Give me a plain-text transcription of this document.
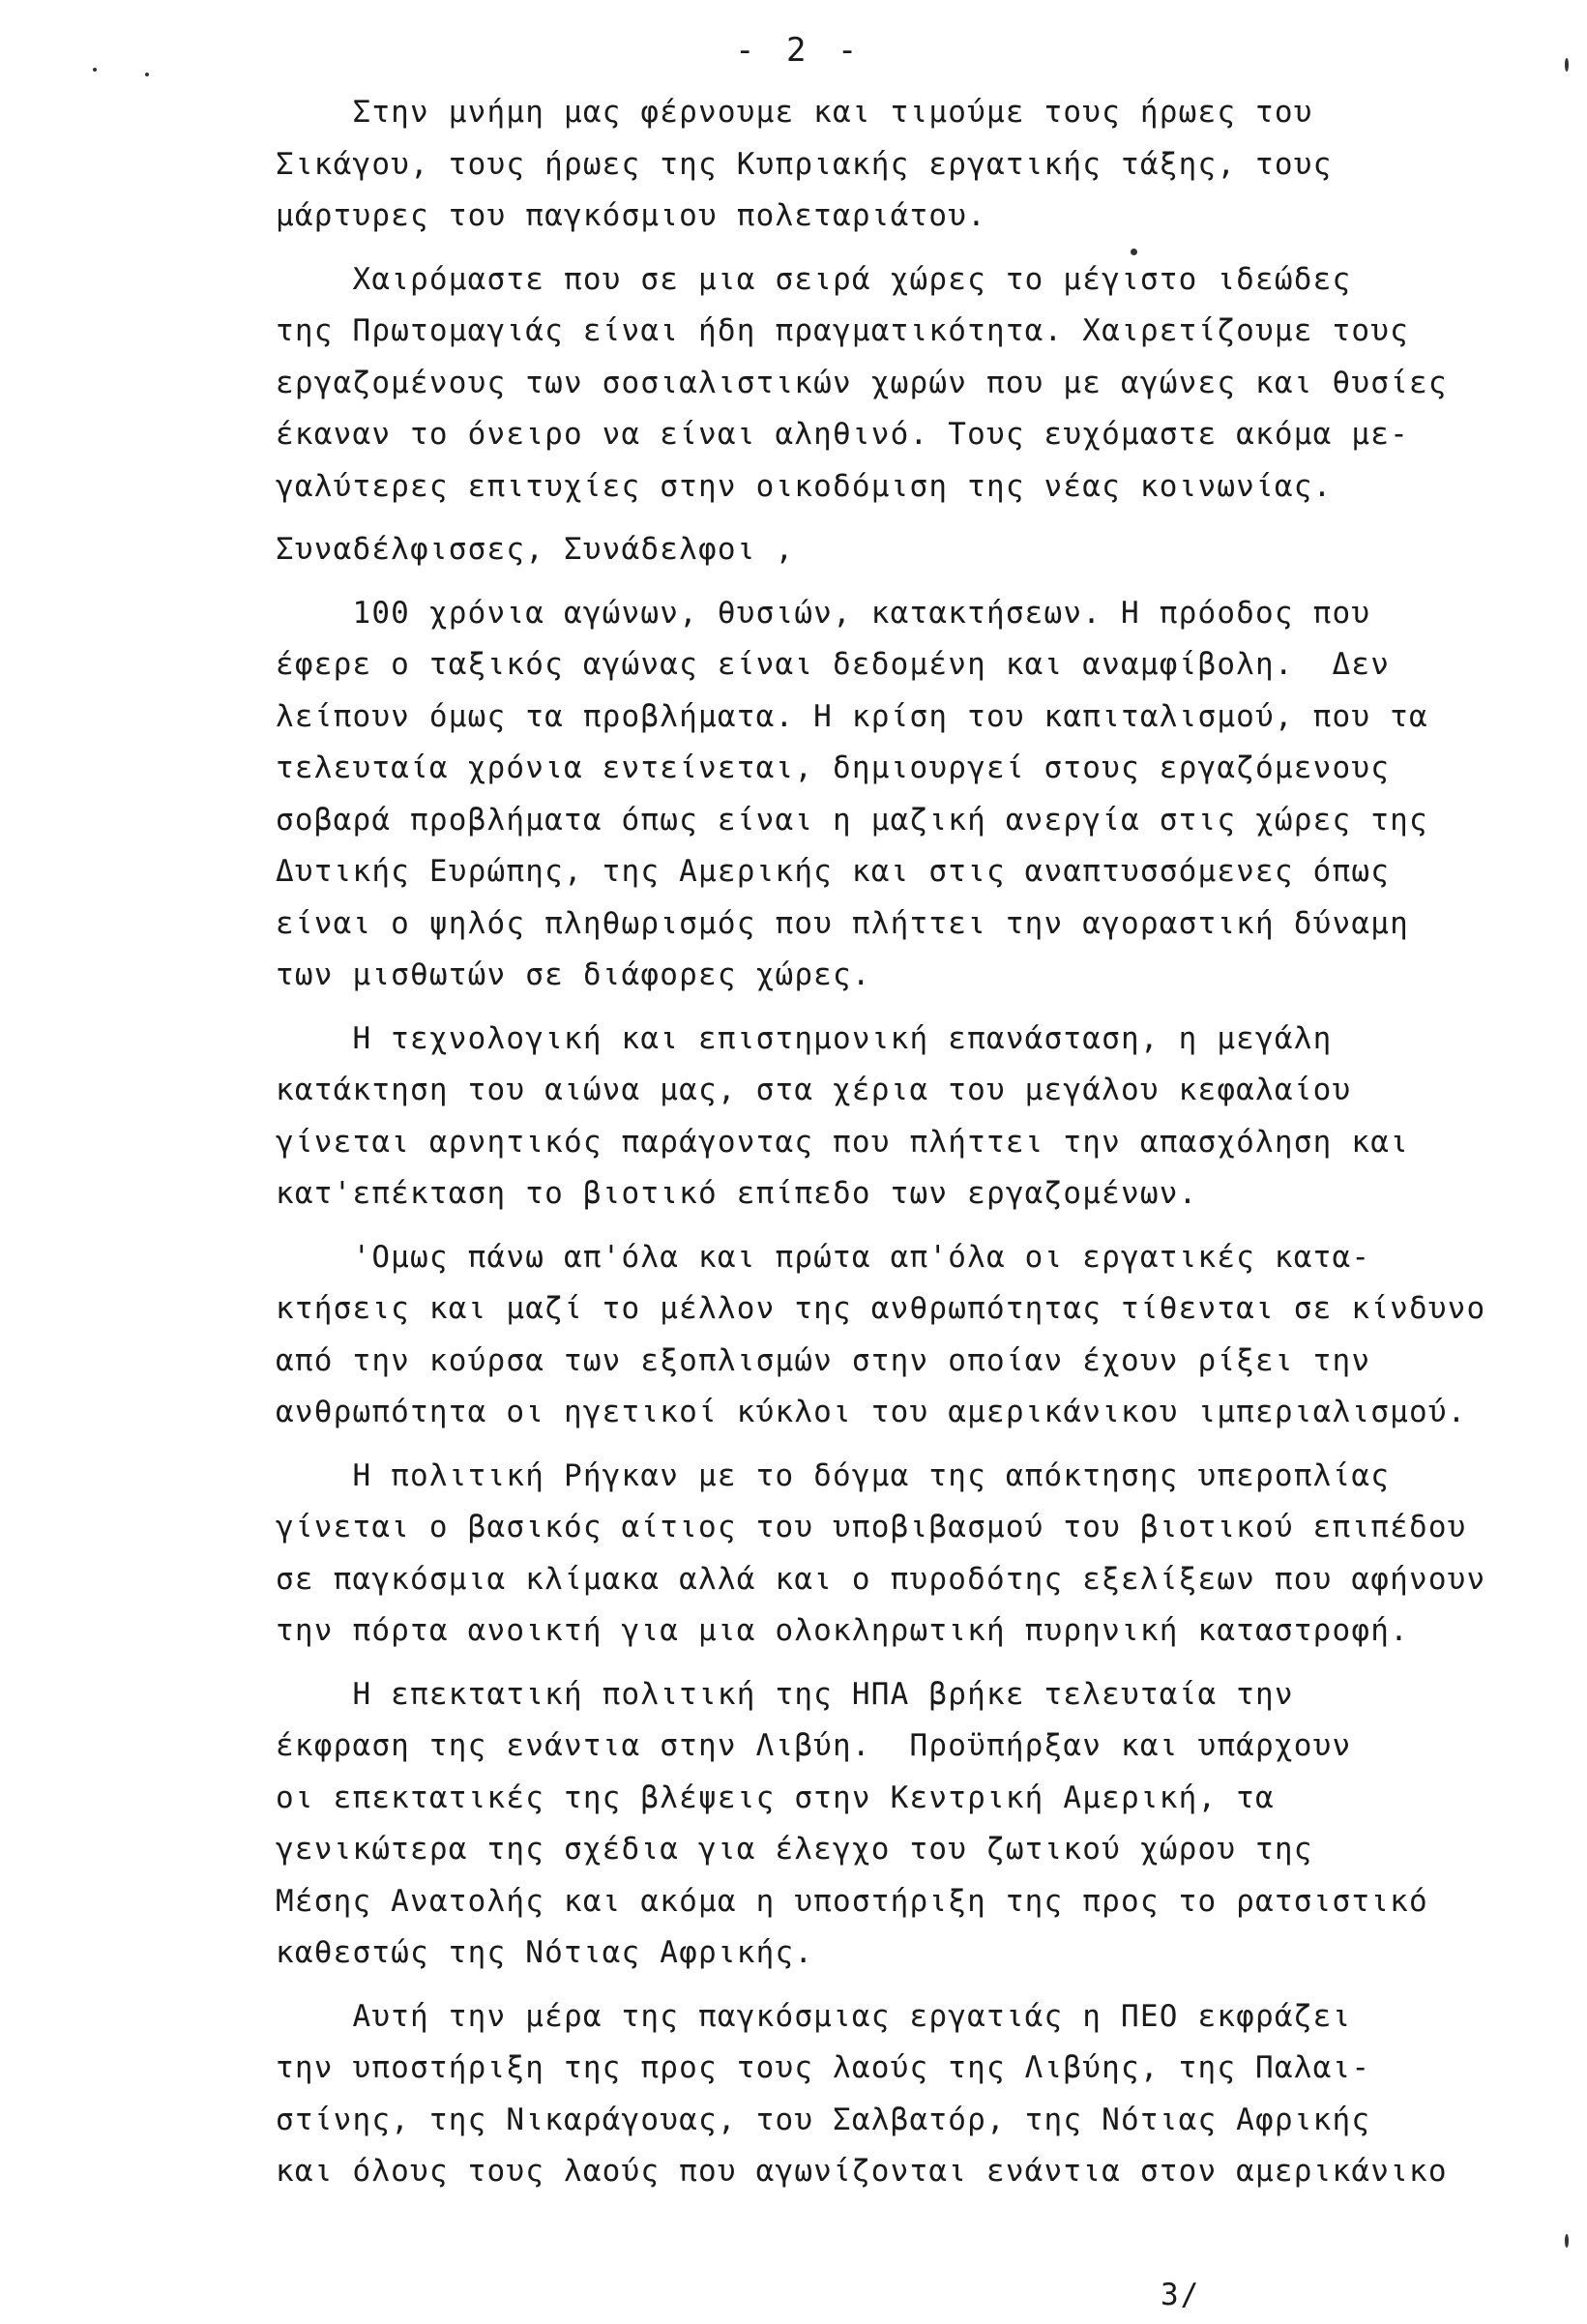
- 2 -
Στην μνήμη μας φέρνουμε και τιμούμε τους ήρωες του
Σικάγου, τους ήρωες της Κυπριακής εργατικής τάξης, τους
μάρτυρες του παγκόσμιου πολεταριάτου.
Χαιρόμαστε που σε μια σειρά χώρες το μέγιστο ιδεώδες
της Πρωτομαγιάς είναι ήδη πραγματικότητα. Χαιρετίζουμε τους
εργαζομένους των σοσιαλιστικών χωρών που με αγώνες και θυσίες
έκαναν το όνειρο να είναι αληθινό. Τους ευχόμαστε ακόμα με-
γαλύτερες επιτυχίες στην οικοδόμιση της νέας κοινωνίας.
Συναδέλφισσες, Συνάδελφοι ,
100 χρόνια αγώνων, θυσιών, κατακτήσεων. Η πρόοδος που
έφερε ο ταξικός αγώνας είναι δεδομένη και αναμφίβολη.  Δεν
λείπουν όμως τα προβλήματα. Η κρίση του καπιταλισμού, που τα
τελευταία χρόνια εντείνεται, δημιουργεί στους εργαζόμενους
σοβαρά προβλήματα όπως είναι η μαζική ανεργία στις χώρες της
Δυτικής Ευρώπης, της Αμερικής και στις αναπτυσσόμενες όπως
είναι ο ψηλός πληθωρισμός που πλήττει την αγοραστική δύναμη
των μισθωτών σε διάφορες χώρες.
Η τεχνολογική και επιστημονική επανάσταση, η μεγάλη
κατάκτηση του αιώνα μας, στα χέρια του μεγάλου κεφαλαίου
γίνεται αρνητικός παράγοντας που πλήττει την απασχόληση και
κατ'επέκταση το βιοτικό επίπεδο των εργαζομένων.
'Ομως πάνω απ'όλα και πρώτα απ'όλα οι εργατικές κατα-
κτήσεις και μαζί το μέλλον της ανθρωπότητας τίθενται σε κίνδυνο
από την κούρσα των εξοπλισμών στην οποίαν έχουν ρίξει την
ανθρωπότητα οι ηγετικοί κύκλοι του αμερικάνικου ιμπεριαλισμού.
Η πολιτική Ρήγκαν με το δόγμα της απόκτησης υπεροπλίας
γίνεται ο βασικός αίτιος του υποβιβασμού του βιοτικού επιπέδου
σε παγκόσμια κλίμακα αλλά και ο πυροδότης εξελίξεων που αφήνουν
την πόρτα ανοικτή για μια ολοκληρωτική πυρηνική καταστροφή.
Η επεκτατική πολιτική της ΗΠΑ βρήκε τελευταία την
έκφραση της ενάντια στην Λιβύη.  Προϋπήρξαν και υπάρχουν
οι επεκτατικές της βλέψεις στην Κεντρική Αμερική, τα
γενικώτερα της σχέδια για έλεγχο του ζωτικού χώρου της
Μέσης Ανατολής και ακόμα η υποστήριξη της προς το ρατσιστικό
καθεστώς της Νότιας Αφρικής.
Αυτή την μέρα της παγκόσμιας εργατιάς η ΠΕΟ εκφράζει
την υποστήριξη της προς τους λαούς της Λιβύης, της Παλαι-
στίνης, της Νικαράγουας, του Σαλβατόρ, της Νότιας Αφρικής
και όλους τους λαούς που αγωνίζονται ενάντια στον αμερικάνικο
3/
